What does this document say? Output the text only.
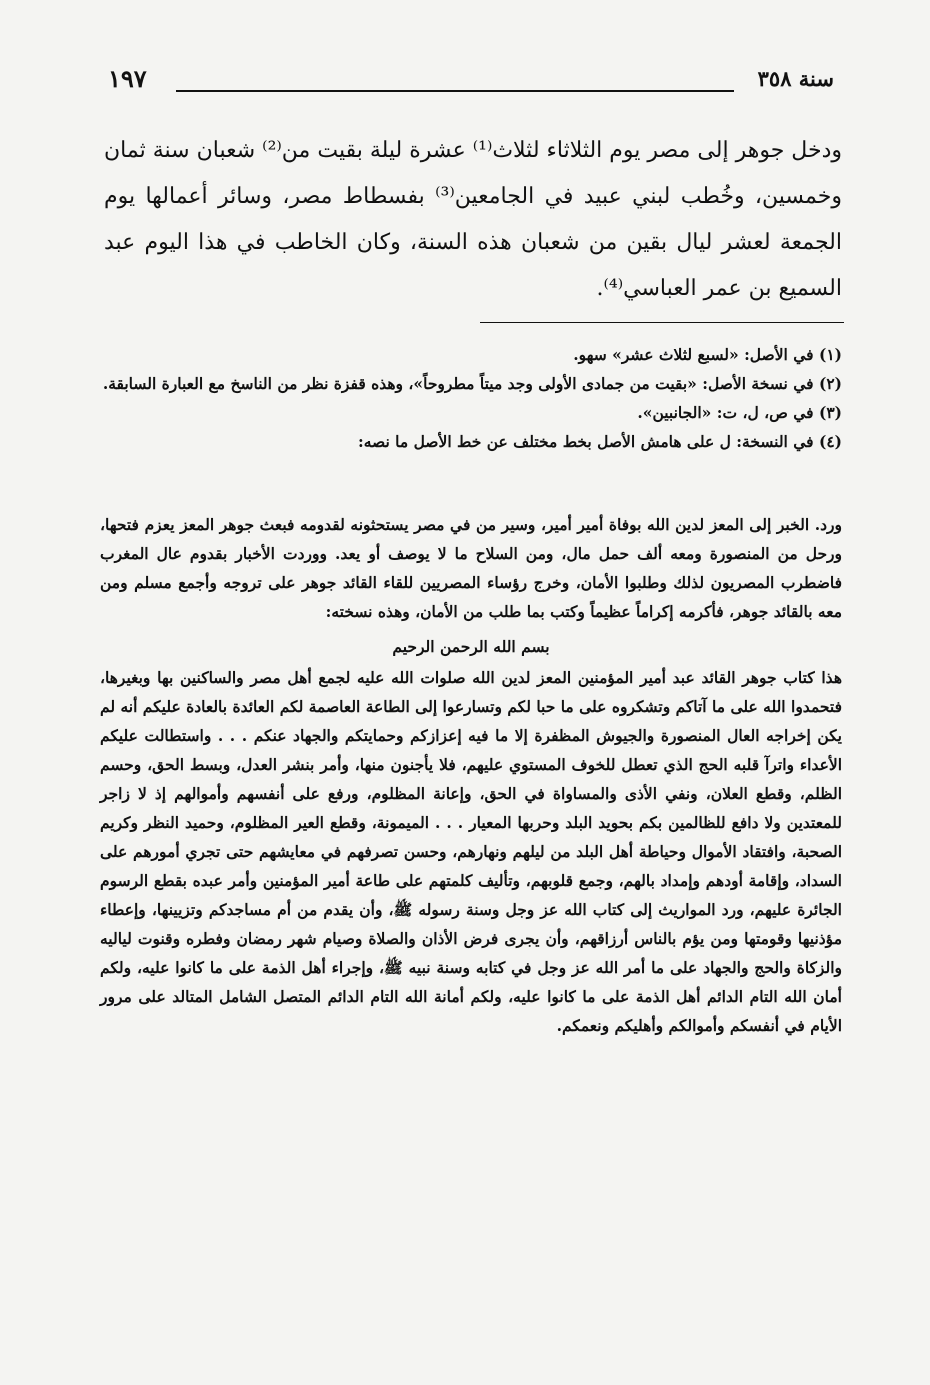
سنة ٣٥٨
١٩٧

ودخل جوهر إلى مصر يوم الثلاثاء لثلاث⁽¹⁾ عشرة ليلة بقيت من⁽²⁾ شعبان سنة ثمان وخمسين، وخُطب لبني عبيد في الجامعين⁽³⁾ بفسطاط مصر، وسائر أعمالها يوم الجمعة لعشر ليال بقين من شعبان هذه السنة، وكان الخاطب في هذا اليوم عبد السميع بن عمر العباسي⁽⁴⁾.

(١) في الأصل: «لسبع لثلاث عشر» سهو.

(٢) في نسخة الأصل: «بقيت من جمادى الأولى وجد ميتاً مطروحاً»، وهذه قفزة نظر من الناسخ مع العبارة السابقة.

(٣) في ص، ل، ت: «الجانبين».

(٤) في النسخة: ل على هامش الأصل بخط مختلف عن خط الأصل ما نصه:

ورد. الخبر إلى المعز لدين الله بوفاة أمير أمير، وسير من في مصر يستحثونه لقدومه فبعث جوهر المعز يعزم فتحها، ورحل من المنصورة ومعه ألف حمل مال، ومن السلاح ما لا يوصف أو يعد. ووردت الأخبار بقدوم عال المغرب فاضطرب المصريون لذلك وطلبوا الأمان، وخرج رؤساء المصريين للقاء القائد جوهر على تروجه وأجمع مسلم ومن معه بالقائد جوهر، فأكرمه إكراماً عظيماً وكتب بما طلب من الأمان، وهذه نسخته:

بسم الله الرحمن الرحيم

هذا كتاب جوهر القائد عبد أمير المؤمنين المعز لدين الله صلوات الله عليه لجمع أهل مصر والساكنين بها وبغيرها، فتحمدوا الله على ما آتاكم وتشكروه على ما حبا لكم وتسارعوا إلى الطاعة العاصمة لكم العائدة بالعادة عليكم أنه لم يكن إخراجه العال المنصورة والجيوش المظفرة إلا ما فيه إعزازكم وحمايتكم والجهاد عنكم . . . واستطالت عليكم الأعداء واترآ قلبه الحج الذي تعطل للخوف المستوي عليهم، فلا يأجنون منها، وأمر بنشر العدل، وبسط الحق، وحسم الظلم، وقطع العلان، ونفي الأذى والمساواة في الحق، وإعانة المظلوم، ورفع على أنفسهم وأموالهم إذ لا زاجر للمعتدين ولا دافع للظالمين بكم بحويد البلد وحربها المعيار . . . الميمونة، وقطع العير المظلوم، وحميد النظر وكريم الصحبة، وافتقاد الأموال وحياطة أهل البلد من ليلهم ونهارهم، وحسن تصرفهم في معايشهم حتى تجري أمورهم على السداد، وإقامة أودهم وإمداد بالهم، وجمع قلوبهم، وتأليف كلمتهم على طاعة أمير المؤمنين وأمر عبده بقطع الرسوم الجائرة عليهم، ورد المواريث إلى كتاب الله عز وجل وسنة رسوله ﷺ، وأن يقدم من أم مساجدكم وتزيينها، وإعطاء مؤذنيها وقومتها ومن يؤم بالناس أرزاقهم، وأن يجرى فرض الأذان والصلاة وصيام شهر رمضان وفطره وقنوت لياليه والزكاة والحج والجهاد على ما أمر الله عز وجل في كتابه وسنة نبيه ﷺ، وإجراء أهل الذمة على ما كانوا عليه، ولكم أمان الله التام الدائم أهل الذمة على ما كانوا عليه، ولكم أمانة الله التام الدائم المتصل الشامل المتالد على مرور الأيام في أنفسكم وأموالكم وأهليكم ونعمكم.
